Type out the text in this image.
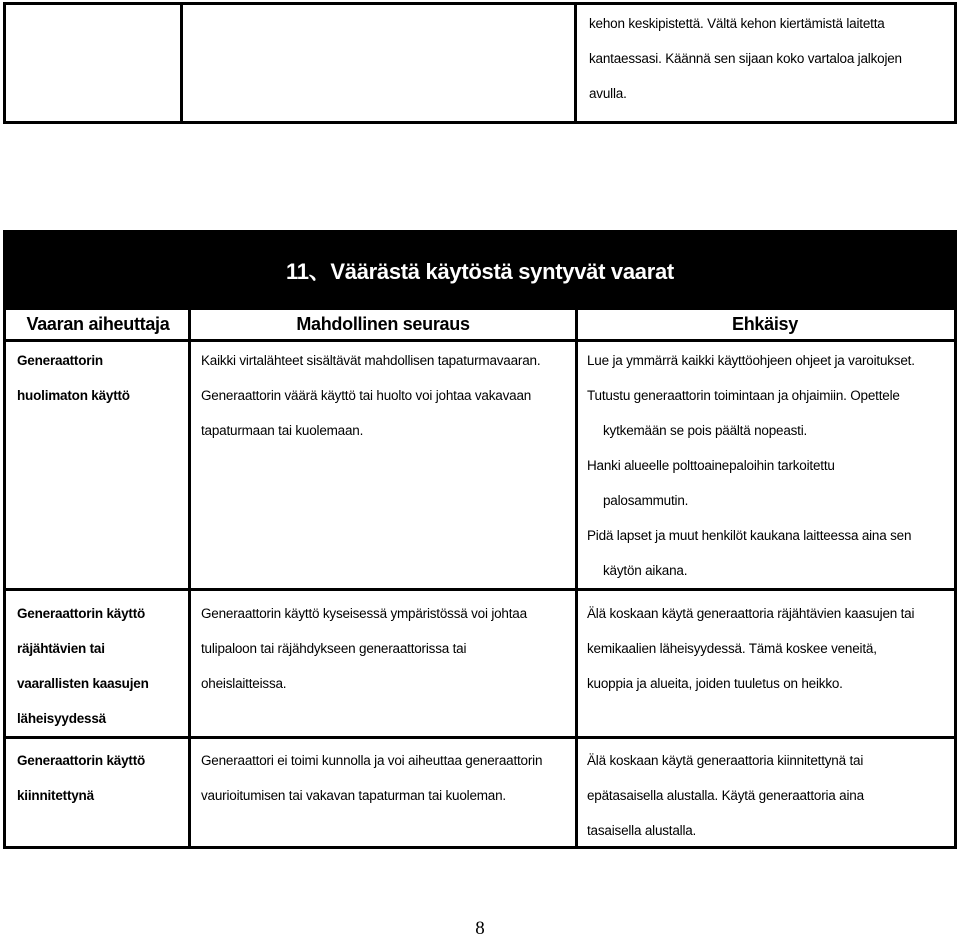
kehon keskipistettä. Vältä kehon kiertämistä laitetta
kantaessasi. Käännä sen sijaan koko vartaloa jalkojen
avulla.
11、Väärästä käytöstä syntyvät vaarat
Vaaran aiheuttaja	Mahdollinen seuraus	Ehkäisy
Generaattorin
huolimaton käyttö
Kaikki virtalähteet sisältävät mahdollisen tapaturmavaaran.
Generaattorin väärä käyttö tai huolto voi johtaa vakavaan
tapaturmaan tai kuolemaan.
Lue ja ymmärrä kaikki käyttöohjeen ohjeet ja varoitukset.
Tutustu generaattorin toimintaan ja ohjaimiin. Opettele
kytkemään se pois päältä nopeasti.
Hanki alueelle polttoainepaloihin tarkoitettu
palosammutin.
Pidä lapset ja muut henkilöt kaukana laitteessa aina sen
käytön aikana.
Generaattorin käyttö
räjähtävien tai
vaarallisten kaasujen
läheisyydessä
Generaattorin käyttö kyseisessä ympäristössä voi johtaa
tulipaloon tai räjähdykseen generaattorissa tai
oheislaitteissa.
Älä koskaan käytä generaattoria räjähtävien kaasujen tai
kemikaalien läheisyydessä. Tämä koskee veneitä,
kuoppia ja alueita, joiden tuuletus on heikko.
Generaattorin käyttö
kiinnitettynä
Generaattori ei toimi kunnolla ja voi aiheuttaa generaattorin
vaurioitumisen tai vakavan tapaturman tai kuoleman.
Älä koskaan käytä generaattoria kiinnitettynä tai
epätasaisella alustalla. Käytä generaattoria aina
tasaisella alustalla.
8
